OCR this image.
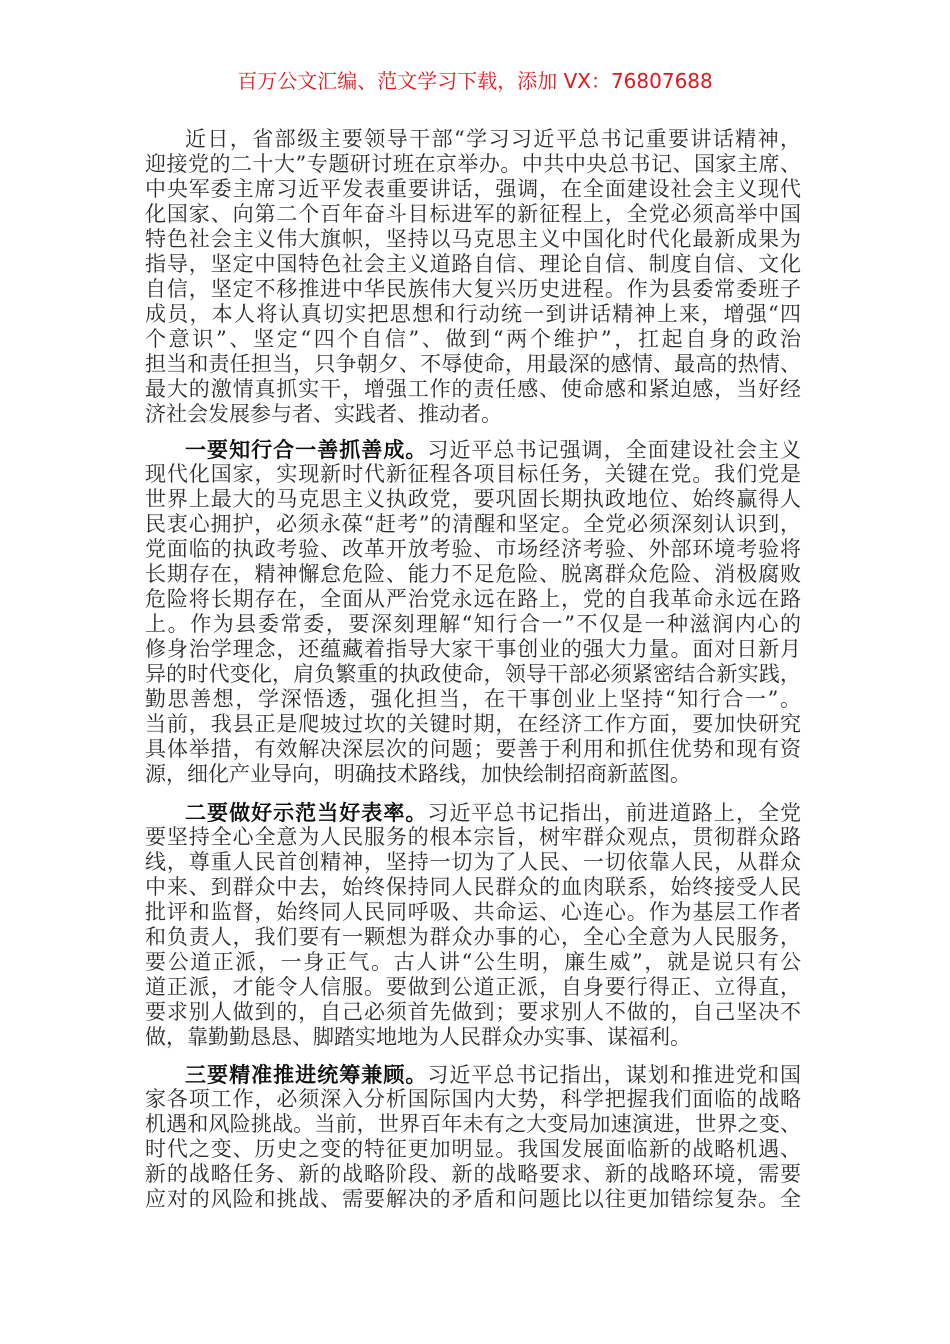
百万公文汇编、范文学习下载，添加 VX：76807688
近日，省部级主要领导干部“学习习近平总书记重要讲话精神，
迎接党的二十大”专题研讨班在京举办。中共中央总书记、国家主席、
中央军委主席习近平发表重要讲话，强调，在全面建设社会主义现代
化国家、向第二个百年奋斗目标进军的新征程上，全党必须高举中国
特色社会主义伟大旗帜，坚持以马克思主义中国化时代化最新成果为
指导，坚定中国特色社会主义道路自信、理论自信、制度自信、文化
自信，坚定不移推进中华民族伟大复兴历史进程。作为县委常委班子
成员，本人将认真切实把思想和行动统一到讲话精神上来，增强“四
个意识”、坚定“四个自信”、做到“两个维护”，扛起自身的政治
担当和责任担当，只争朝夕、不辱使命，用最深的感情、最高的热情、
最大的激情真抓实干，增强工作的责任感、使命感和紧迫感，当好经
济社会发展参与者、实践者、推动者。
一要知行合一善抓善成。习近平总书记强调，全面建设社会主义
现代化国家，实现新时代新征程各项目标任务，关键在党。我们党是
世界上最大的马克思主义执政党，要巩固长期执政地位、始终赢得人
民衷心拥护，必须永葆“赶考”的清醒和坚定。全党必须深刻认识到，
党面临的执政考验、改革开放考验、市场经济考验、外部环境考验将
长期存在，精神懈怠危险、能力不足危险、脱离群众危险、消极腐败
危险将长期存在，全面从严治党永远在路上，党的自我革命永远在路
上。作为县委常委，要深刻理解“知行合一”不仅是一种滋润内心的
修身治学理念，还蕴藏着指导大家干事创业的强大力量。面对日新月
异的时代变化，肩负繁重的执政使命，领导干部必须紧密结合新实践，
勤思善想，学深悟透，强化担当，在干事创业上坚持“知行合一”。
当前，我县正是爬坡过坎的关键时期，在经济工作方面，要加快研究
具体举措，有效解决深层次的问题；要善于利用和抓住优势和现有资
源，细化产业导向，明确技术路线，加快绘制招商新蓝图。
二要做好示范当好表率。习近平总书记指出，前进道路上，全党
要坚持全心全意为人民服务的根本宗旨，树牢群众观点，贯彻群众路
线，尊重人民首创精神，坚持一切为了人民、一切依靠人民，从群众
中来、到群众中去，始终保持同人民群众的血肉联系，始终接受人民
批评和监督，始终同人民同呼吸、共命运、心连心。作为基层工作者
和负责人，我们要有一颗想为群众办事的心，全心全意为人民服务，
要公道正派，一身正气。古人讲“公生明，廉生威”，就是说只有公
道正派，才能令人信服。要做到公道正派，自身要行得正、立得直，
要求别人做到的，自己必须首先做到；要求别人不做的，自己坚决不
做，靠勤勤恳恳、脚踏实地地为人民群众办实事、谋福利。
三要精准推进统筹兼顾。习近平总书记指出，谋划和推进党和国
家各项工作，必须深入分析国际国内大势，科学把握我们面临的战略
机遇和风险挑战。当前，世界百年未有之大变局加速演进，世界之变、
时代之变、历史之变的特征更加明显。我国发展面临新的战略机遇、
新的战略任务、新的战略阶段、新的战略要求、新的战略环境，需要
应对的风险和挑战、需要解决的矛盾和问题比以往更加错综复杂。全
